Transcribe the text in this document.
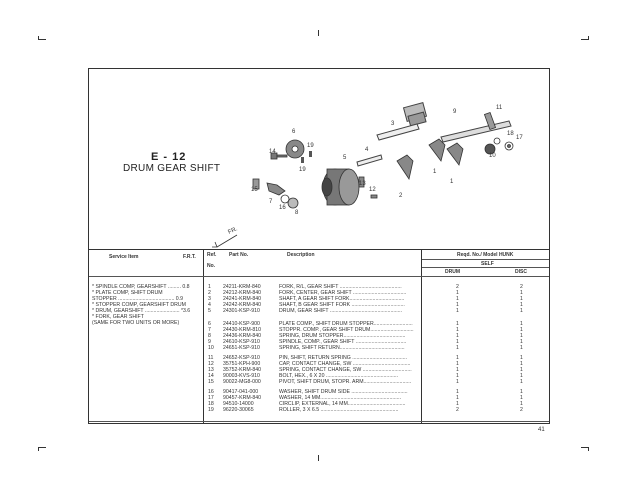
FR.
11
9
3
18
17
10
6
19
14	4
5
19	1
1
13
12
2
15
7
16
8
E - 12
DRUM GEAR SHIFT
Service Item	F.R.T. Ref.
No.
Part No.	Description	Reqd. No./ Model HUNK
SELF
DRUM	DISC
* SPINDLE COMP, GEARSHIFT ......... 0.8
* PLATE COMP, SHIFT DRUM
STOPPER ....................................... 0.9
* STOPPER COMP, GEARSHIFT DRUM
* DRUM, GEARSHIFT ........................ *3.6
* FORK, GEAR SHIFT
(SAME FOR TWO UNITS OR MORE)
1 24211-KRM-840	FORK, R/L, GEAR SHIFT ...........................................	2	2
2 24212-KRM-840	FORK, CENTER, GEAR SHIFT .....................................	1	1
3 24241-KRM-840	SHAFT, A GEAR SHIFT FORK......................................	1	1
4 24242-KRM-840	SHAFT, B GEAR SHIFT FORK .....................................	1	1
5 24301-KSP-910	DRUM, GEAR SHIFT ..................................................	1	1
6 24410-KSP-900	PLATE COMP., SHIFT DRUM STOPPER...........................	1	1
7 24430-KRM-810	STOPPR. COMP., GEAR SHIFT DRUM..............................	1	1
8 24436-KRM-840	SPRING, DRUM STOPPER...........................................	1	1
9 24610-KSP-910	SPINDLE, COMP., GEAR SHIFT ...................................	1	1
10 24651-KSP-910	SPRING, SHIFT RETURN.............................................	1	1
11 24652-KSP-910	PIN, SHIFT, RETURN SPRING ......................................	1	1
12 35751-KPH-900	CAP, CONTACT CHANGE, SW ........................................	1	1
13 35752-KRM-840	SPRING, CONTACT CHANGE, SW ..................................	1	1
14 90003-KVS-910	BOLT, HEX., 6 X 20 ..................................................	1	1
15 90022-MG8-000	PIVOT, SHIFT DRUM, STOPR. ARM.................................	1	1
16 90417-041-000	WASHER, SHIFT DRUM SIDE .......................................	1	1
17 90457-KRM-840	WASHER, 14 MM........................................................	1	1
18 94510-14000	CIRCLIP, EXTERNAL, 14 MM........................................	1	1
19 96220-30065	ROLLER, 3 X 6.5 ......................................................	2	2
41
